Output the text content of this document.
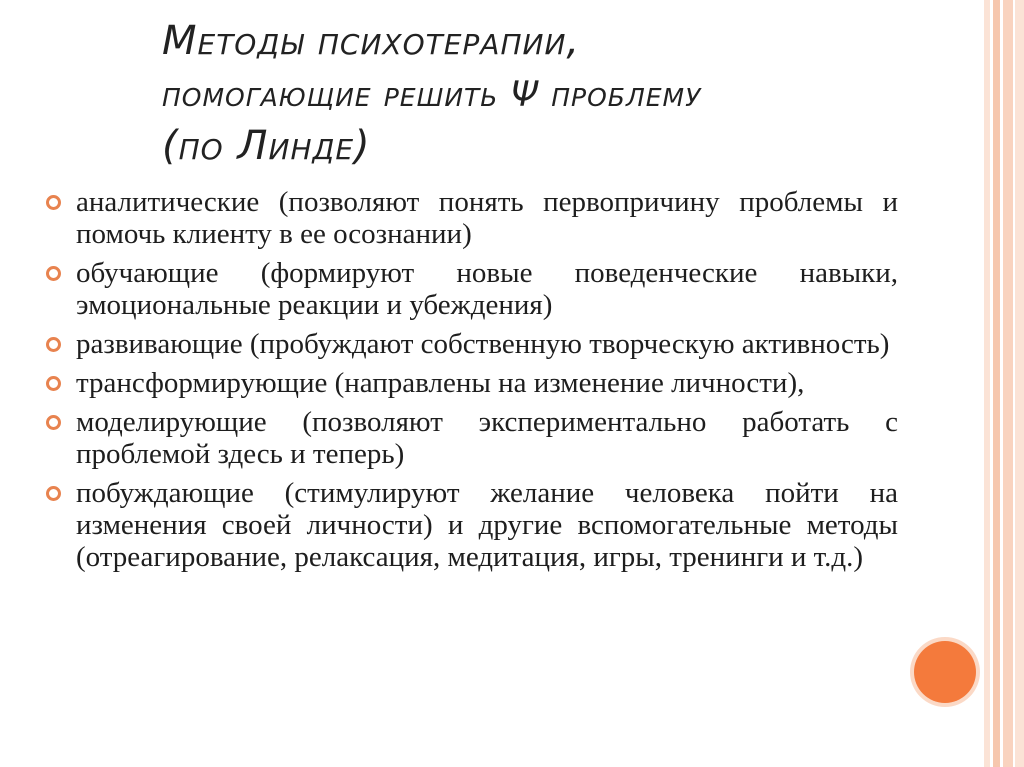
Методы психотерапии,
помогающие решить Ψ проблему
(по Линде)
аналитические (позволяют понять первопричину проблемы и помочь клиенту в ее осознании)
обучающие (формируют новые поведенческие навыки, эмоциональные реакции и убеждения)
развивающие (пробуждают собственную творческую активность)
трансформирующие (направлены на изменение личности),
моделирующие (позволяют экспериментально работать с проблемой здесь и теперь)
побуждающие (стимулируют желание человека пойти на изменения своей личности) и другие вспомогательные методы (отреагирование, релаксация, медитация, игры, тренинги и т.д.)
